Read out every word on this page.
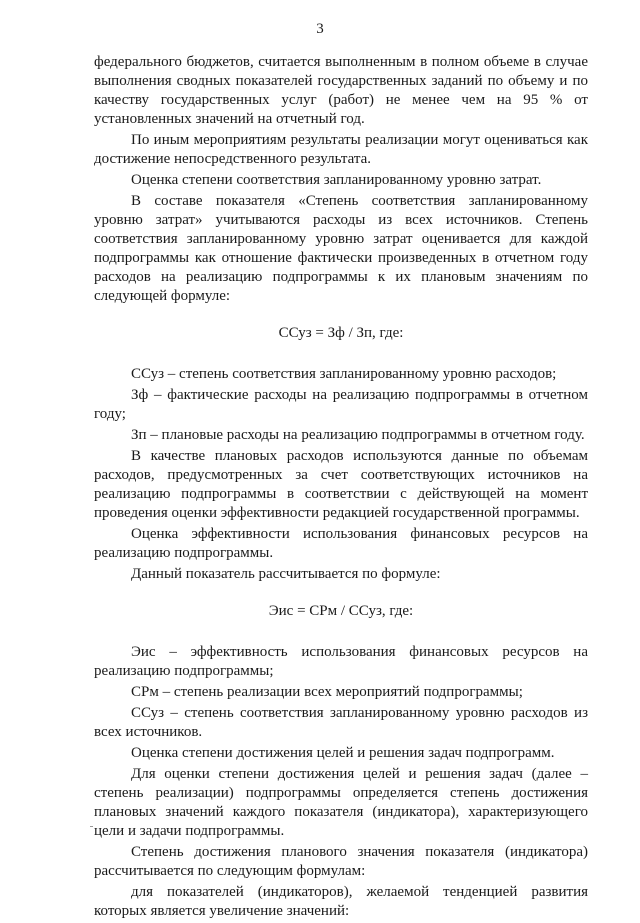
3

федерального бюджетов, считается выполненным в полном объеме в случае выполнения сводных показателей государственных заданий по объему и по качеству государственных услуг (работ) не менее чем на 95 % от установленных значений на отчетный год.

По иным мероприятиям результаты реализации могут оцениваться как достижение непосредственного результата.

Оценка степени соответствия запланированному уровню затрат.

В составе показателя «Степень соответствия запланированному уровню затрат» учитываются расходы из всех источников. Степень соответствия запланированному уровню затрат оценивается для каждой подпрограммы как отношение фактически произведенных в отчетном году расходов на реализацию подпрограммы к их плановым значениям по следующей формуле:

ССуз = Зф / Зп, где:

ССуз – степень соответствия запланированному уровню расходов;

Зф – фактические расходы на реализацию подпрограммы в отчетном году;

Зп – плановые расходы на реализацию подпрограммы в отчетном году.

В качестве плановых расходов используются данные по объемам расходов, предусмотренных за счет соответствующих источников на реализацию подпрограммы в соответствии с действующей на момент проведения оценки эффективности редакцией государственной программы.

Оценка эффективности использования финансовых ресурсов на реализацию подпрограммы.

Данный показатель рассчитывается по формуле:

Эис = СРм / ССуз, где:

Эис – эффективность использования финансовых ресурсов на реализацию подпрограммы;

СРм – степень реализации всех мероприятий подпрограммы;

ССуз – степень соответствия запланированному уровню расходов из всех источников.

Оценка степени достижения целей и решения задач подпрограмм.

Для оценки степени достижения целей и решения задач (далее – степень реализации) подпрограммы определяется степень достижения плановых значений каждого показателя (индикатора), характеризующего цели и задачи подпрограммы.

Степень достижения планового значения показателя (индикатора) рассчитывается по следующим формулам:

для показателей (индикаторов), желаемой тенденцией развития которых является увеличение значений:
